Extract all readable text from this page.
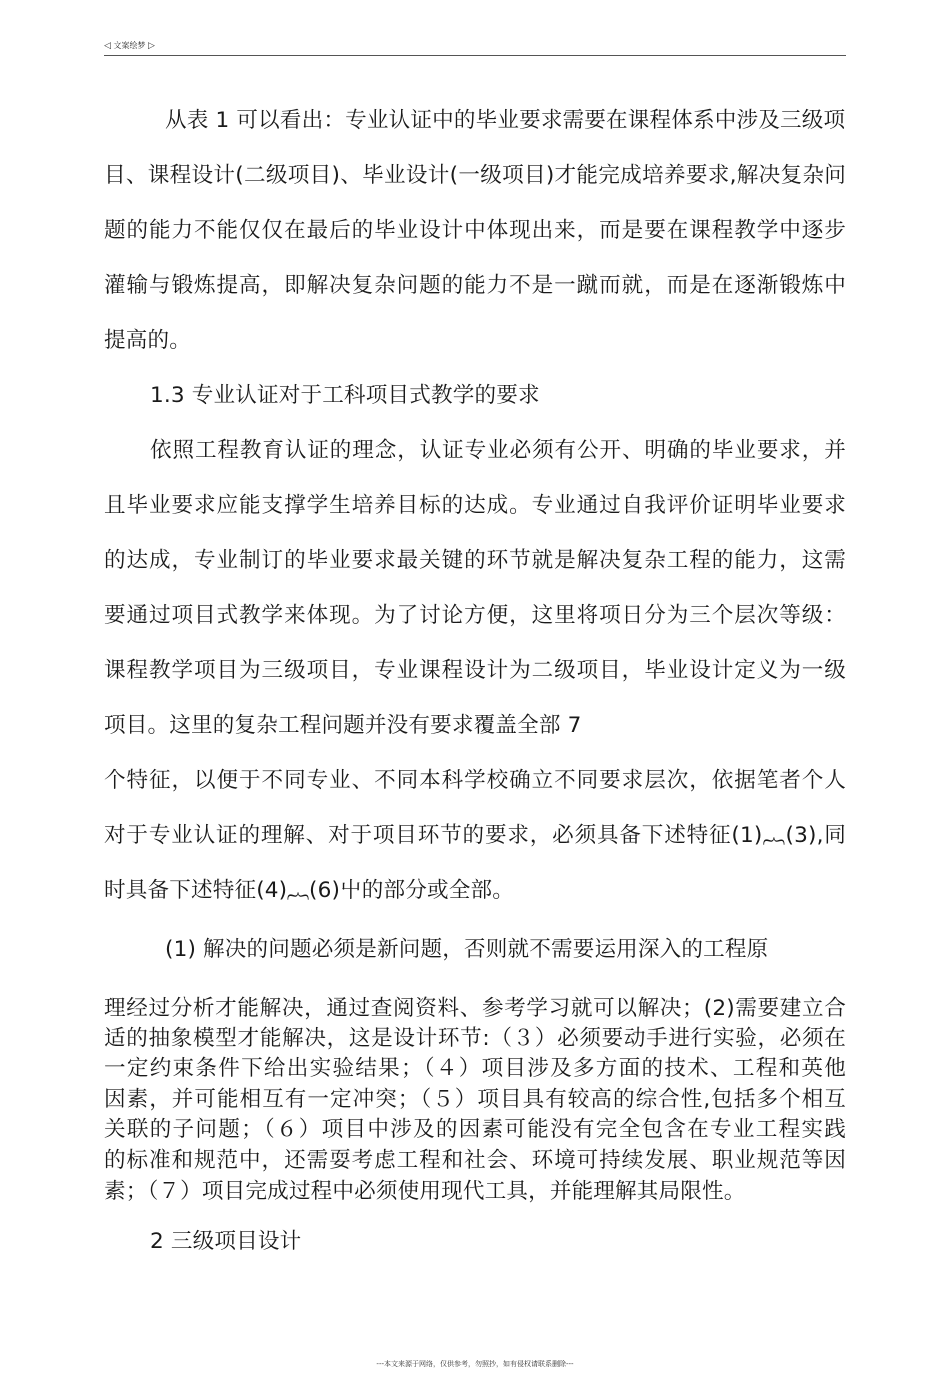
◁ 文案绘梦 ▷
从表 1 可以看出：专业认证中的毕业要求需要在课程体系中涉及三级项
目、课程设计(二级项目)、毕业设计(一级项目)才能完成培养要求,解决复杂问
题的能力不能仅仅在最后的毕业设计中体现出来，而是要在课程教学中逐步
灌输与锻炼提高，即解决复杂问题的能力不是一蹴而就，而是在逐渐锻炼中
提高的。
1.3 专业认证对于工科项目式教学的要求
依照工程教育认证的理念，认证专业必须有公开、明确的毕业要求，并
且毕业要求应能支撑学生培养目标的达成。专业通过自我评价证明毕业要求
的达成，专业制订的毕业要求最关键的环节就是解决复杂工程的能力，这需
要通过项目式教学来体现。为了讨论方便，这里将项日分为三个层次等级：
课程教学项目为三级项目，专业课程设计为二级项目，毕业设计定义为一级
项目。这里的复杂工程问题并没有要求覆盖全部 7
个特征，以便于不同专业、不同本科学校确立不同要求层次，依据笔者个人
对于专业认证的理解、对于项目环节的要求，必须具备下述特征(1)︷(3),同
时具备下述特征(4)︷(6)屮的部分或全部。
(1) 解决的问题必须是新问题，否则就不需要运用深入的工程原
理经过分析才能解决，通过查阅资料、参考学习就可以解决；(2)需要建立合
适的抽象模型才能解决，这是设计环节:（３）必须要动手进行实验，必须在
一定约束条件下给出实验结果；（４）项目涉及多方面的技术、工程和英他
因素，并可能相互有一定冲突；（５）项目具有较高的综合性,包括多个相互
关联的子问题；（６）项目中涉及的因素可能没有完全包含在专业工程实践
的标准和规范中，还需耍考虑工程和社会、环境可持续发展、职业规范等因
素；（７）项目完成过程中必须使用现代工具，并能理解其局限性。
2 三级项目设计
---本文来源于网络，仅供参考，勿照抄，如有侵权请联系删除---
